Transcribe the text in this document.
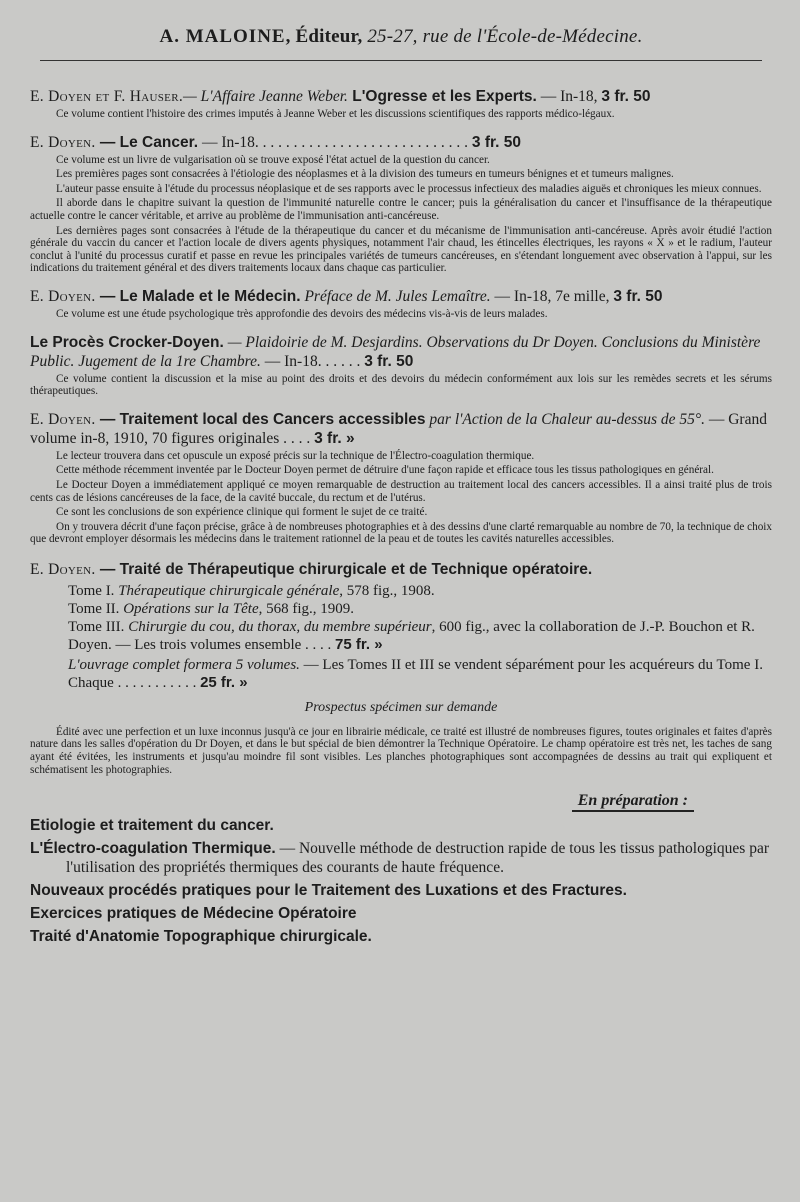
A. MALOINE, Éditeur, 25-27, rue de l'École-de-Médecine.
E. Doyen et F. Hauser.— L'Affaire Jeanne Weber. L'Ogresse et les Experts. — In-18, 3 fr. 50

Ce volume contient l'histoire des crimes imputés à Jeanne Weber et les discussions scientifiques des rapports médico-légaux.

E. Doyen. — Le Cancer. — In-18. . . . . . . . . . . . . . . . . . . . . . . . . . . . 3 fr. 50

Ce volume est un livre de vulgarisation où se trouve exposé l'état actuel de la question du cancer.

Les premières pages sont consacrées à l'étiologie des néoplasmes et à la division des tumeurs en tumeurs bénignes et et tumeurs malignes.

L'auteur passe ensuite à l'étude du processus néoplasique et de ses rapports avec le processus infectieux des maladies aiguës et chroniques les mieux connues.

Il aborde dans le chapitre suivant la question de l'immunité naturelle contre le cancer; puis la généralisation du cancer et l'insuffisance de la thérapeutique actuelle contre le cancer véritable, et arrive au problème de l'immunisation anti-cancéreuse.

Les dernières pages sont consacrées à l'étude de la thérapeutique du cancer et du mécanisme de l'immunisation anti-cancéreuse. Après avoir étudié l'action générale du vaccin du cancer et l'action locale de divers agents physiques, notamment l'air chaud, les étincelles électriques, les rayons « X » et le radium, l'auteur conclut à l'unité du processus curatif et passe en revue les principales variétés de tumeurs cancéreuses, en s'étendant longuement avec observation à l'appui, sur les indications du traitement général et des divers traitements locaux dans chaque cas particulier.

E. Doyen. — Le Malade et le Médecin. Préface de M. Jules Lemaître. — In-18, 7e mille, 3 fr. 50

Ce volume est une étude psychologique très approfondie des devoirs des médecins vis-à-vis de leurs malades.

Le Procès Crocker-Doyen. — Plaidoirie de M. Desjardins. Observations du Dr Doyen. Conclusions du Ministère Public. Jugement de la 1re Chambre. — In-18. . . . . . 3 fr. 50

Ce volume contient la discussion et la mise au point des droits et des devoirs du médecin conformément aux lois sur les remèdes secrets et les sérums thérapeutiques.

E. Doyen. — Traitement local des Cancers accessibles par l'Action de la Chaleur au-dessus de 55°. — Grand volume in-8, 1910, 70 figures originales . . . . 3 fr. »

Le lecteur trouvera dans cet opuscule un exposé précis sur la technique de l'Électro-coagulation thermique.

Cette méthode récemment inventée par le Docteur Doyen permet de détruire d'une façon rapide et efficace tous les tissus pathologiques en général.

Le Docteur Doyen a immédiatement appliqué ce moyen remarquable de destruction au traitement local des cancers accessibles. Il a ainsi traité plus de trois cents cas de lésions cancéreuses de la face, de la cavité buccale, du rectum et de l'utérus.

Ce sont les conclusions de son expérience clinique qui forment le sujet de ce traité.

On y trouvera décrit d'une façon précise, grâce à de nombreuses photographies et à des dessins d'une clarté remarquable au nombre de 70, la technique de choix que devront employer désormais les médecins dans le traitement rationnel de la peau et de toutes les cavités naturelles accessibles.

E. Doyen. — Traité de Thérapeutique chirurgicale et de Technique opératoire.
Tome I. Thérapeutique chirurgicale générale, 578 fig., 1908.
Tome II. Opérations sur la Tête, 568 fig., 1909.
Tome III. Chirurgie du cou, du thorax, du membre supérieur, 600 fig., avec la collaboration de J.-P. Bouchon et R. Doyen. — Les trois volumes ensemble . . . . 75 fr. »
L'ouvrage complet formera 5 volumes. — Les Tomes II et III se vendent séparément pour les acquéreurs du Tome I. Chaque . . . . . . . . . . . 25 fr. »
Prospectus spécimen sur demande

Édité avec une perfection et un luxe inconnus jusqu'à ce jour en librairie médicale, ce traité est illustré de nombreuses figures, toutes originales et faites d'après nature dans les salles d'opération du Dr Doyen, et dans le but spécial de bien démontrer la Technique Opératoire. Le champ opératoire est très net, les taches de sang ayant été évitées, les instruments et jusqu'au moindre fil sont visibles. Les planches photographiques sont accompagnées de dessins au trait qui expliquent et schématisent les photographies.

En préparation :
Etiologie et traitement du cancer.
L'Électro-coagulation Thermique. — Nouvelle méthode de destruction rapide de tous les tissus pathologiques par l'utilisation des propriétés thermiques des courants de haute fréquence.
Nouveaux procédés pratiques pour le Traitement des Luxations et des Fractures.
Exercices pratiques de Médecine Opératoire
Traité d'Anatomie Topographique chirurgicale.
